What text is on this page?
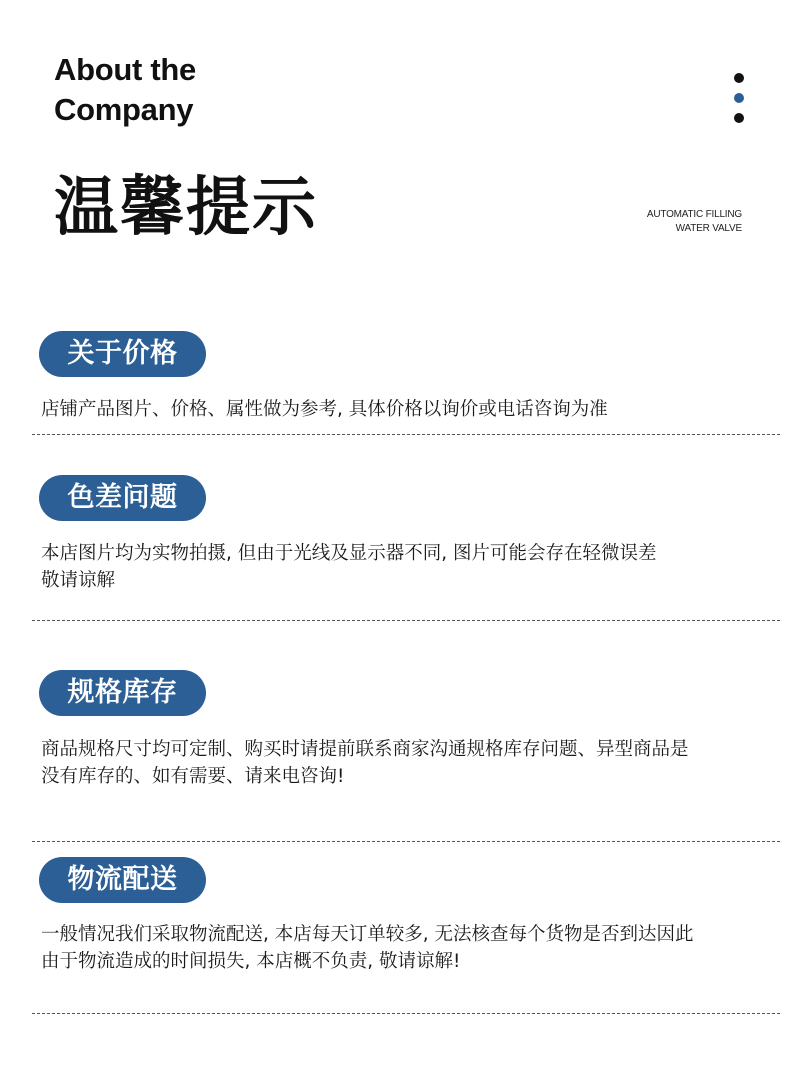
About the
Company
温馨提示	AUTOMATIC FILLING
WATER VALVE
关于价格
店铺产品图片、价格、属性做为参考, 具体价格以询价或电话咨询为准
色差问题
本店图片均为实物拍摄, 但由于光线及显示器不同, 图片可能会存在轻微误差
敬请谅解
规格库存
商品规格尺寸均可定制、购买时请提前联系商家沟通规格库存问题、异型商品是
没有库存的、如有需要、请来电咨询!
物流配送
一般情况我们采取物流配送, 本店每天订单较多, 无法核查每个货物是否到达因此
由于物流造成的时间损失, 本店概不负责, 敬请谅解!
